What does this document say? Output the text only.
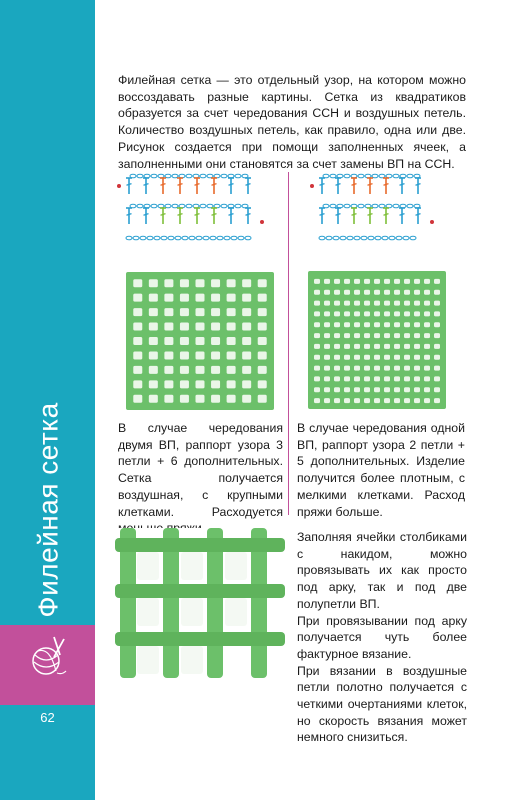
Филейная сетка
62

Филейная сетка — это отдельный узор, на котором можно воссоздавать разные картины. Сетка из квадратиков образуется за счет чередования ССН и воздушных петель. Количество воздушных петель, как правило, одна или две. Рисунок создается при помощи заполненных ячеек, а заполненными они становятся за счет замены ВП на ССН.

В случае чередования двумя ВП, раппорт узора 3 петли + 6 дополнительных. Сетка получается воздушная, с крупными клетками. Расходуется

В случае чередования одной ВП, раппорт узора 2 петли + 5 дополнительных. Изделие получится более плотным, с мелкими клетками. Расход пряжи больше.

Заполняя ячейки столбиками с накидом, можно провязывать их как просто под арку, так и под две полупетли ВП.

При провязывании под арку получается чуть более фактурное вязание.

При вязании в воздушные петли полотно получается с четкими очертаниями клеток, но скорость вязания может немного снизиться.

PassionForum.ru
